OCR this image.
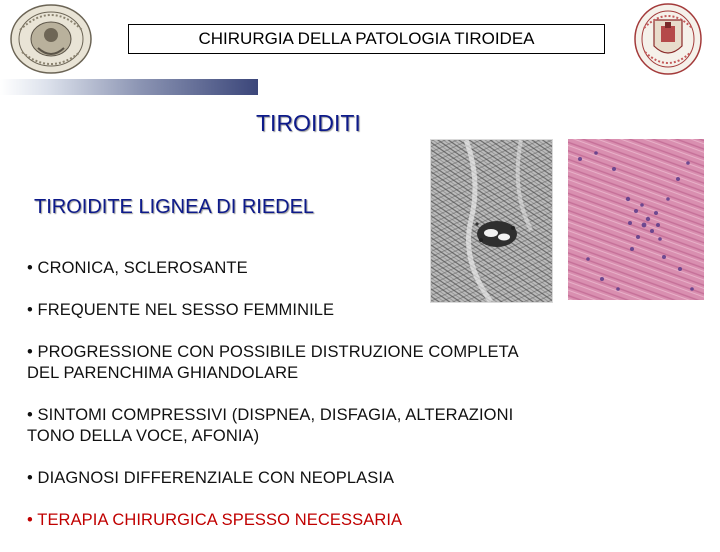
CHIRURGIA DELLA PATOLOGIA TIROIDEA
TIROIDITI
TIROIDITE LIGNEA DI RIEDEL
• CRONICA, SCLEROSANTE
• FREQUENTE NEL SESSO FEMMINILE
• PROGRESSIONE CON POSSIBILE DISTRUZIONE COMPLETA DEL PARENCHIMA GHIANDOLARE
• SINTOMI COMPRESSIVI (DISPNEA, DISFAGIA, ALTERAZIONI TONO DELLA VOCE, AFONIA)
• DIAGNOSI DIFFERENZIALE CON NEOPLASIA
• TERAPIA CHIRURGICA SPESSO NECESSARIA
